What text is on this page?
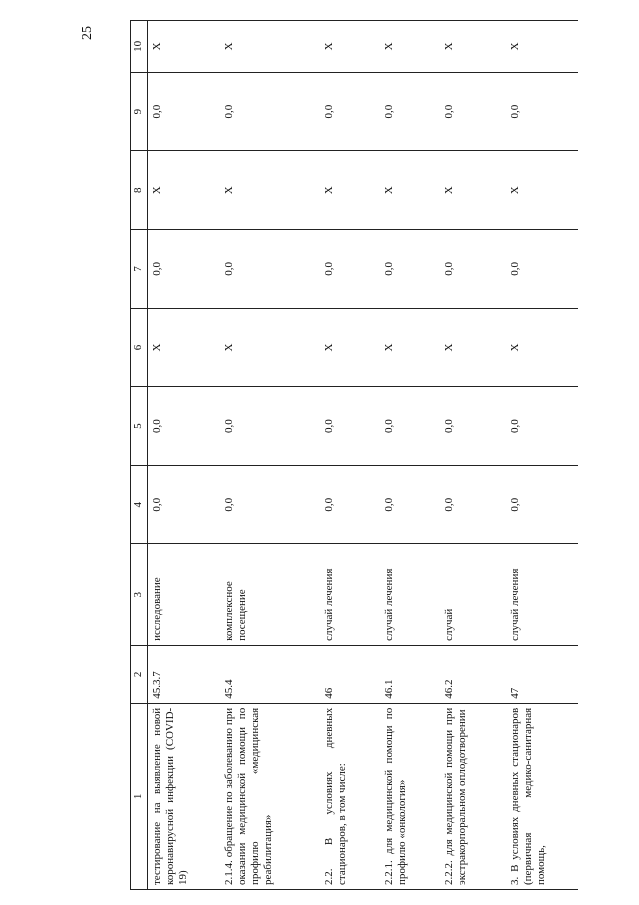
25
1	2	3	4	5	6	7	8	9	10
тестирование на выявление новой коронавирусной инфекции (COVID-19)	45.3.7	исследование	0,0	0,0	X	0,0	X	0,0	X
2.1.4. обращение по заболеванию при оказании медицинской помощи по профилю «медицинская реабилитация»	45.4	комплексное посещение	0,0	0,0	X	0,0	X	0,0	X
2.2. В условиях дневных стационаров, в том числе:	46	случай лечения	0,0	0,0	X	0,0	X	0,0	X
2.2.1. для медицинской помощи по профилю «онкология»	46.1	случай лечения	0,0	0,0	X	0,0	X	0,0	X
2.2.2. для медицинской помощи при экстракорпоральном оплодотворении	46.2	случай	0,0	0,0	X	0,0	X	0,0	X
3. В условиях дневных стационаров (первичная медико-санитарная помощь,	47	случай лечения	0,0	0,0	X	0,0	X	0,0	X
